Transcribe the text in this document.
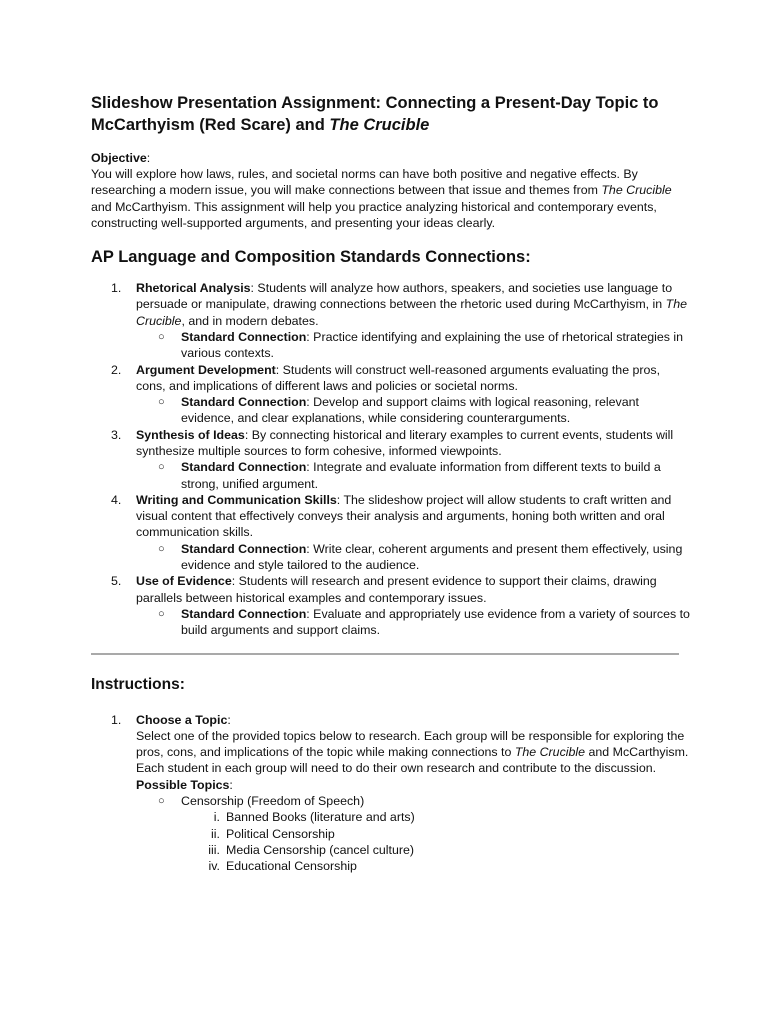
Slideshow Presentation Assignment: Connecting a Present-Day Topic to McCarthyism (Red Scare) and The Crucible
Objective:
You will explore how laws, rules, and societal norms can have both positive and negative effects. By researching a modern issue, you will make connections between that issue and themes from The Crucible and McCarthyism. This assignment will help you practice analyzing historical and contemporary events, constructing well-supported arguments, and presenting your ideas clearly.
AP Language and Composition Standards Connections:
1. Rhetorical Analysis: Students will analyze how authors, speakers, and societies use language to persuade or manipulate, drawing connections between the rhetoric used during McCarthyism, in The Crucible, and in modern debates.
○ Standard Connection: Practice identifying and explaining the use of rhetorical strategies in various contexts.
2. Argument Development: Students will construct well-reasoned arguments evaluating the pros, cons, and implications of different laws and policies or societal norms.
○ Standard Connection: Develop and support claims with logical reasoning, relevant evidence, and clear explanations, while considering counterarguments.
3. Synthesis of Ideas: By connecting historical and literary examples to current events, students will synthesize multiple sources to form cohesive, informed viewpoints.
○ Standard Connection: Integrate and evaluate information from different texts to build a strong, unified argument.
4. Writing and Communication Skills: The slideshow project will allow students to craft written and visual content that effectively conveys their analysis and arguments, honing both written and oral communication skills.
○ Standard Connection: Write clear, coherent arguments and present them effectively, using evidence and style tailored to the audience.
5. Use of Evidence: Students will research and present evidence to support their claims, drawing parallels between historical examples and contemporary issues.
○ Standard Connection: Evaluate and appropriately use evidence from a variety of sources to build arguments and support claims.
Instructions:
1. Choose a Topic:
Select one of the provided topics below to research. Each group will be responsible for exploring the pros, cons, and implications of the topic while making connections to The Crucible and McCarthyism. Each student in each group will need to do their own research and contribute to the discussion.
Possible Topics:
○ Censorship (Freedom of Speech)
i. Banned Books (literature and arts)
ii. Political Censorship
iii. Media Censorship (cancel culture)
iv. Educational Censorship
